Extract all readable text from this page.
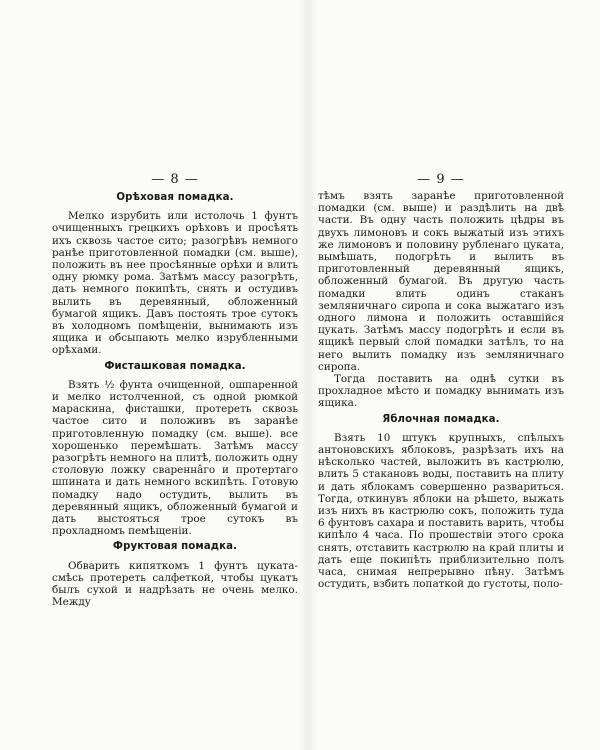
— 8 —
Орѣховая помадка.

Мелко изрубить или истолочь 1 фунтъ очищенныхъ грецкихъ орѣховъ и просѣять ихъ сквозь частое сито; разогрѣвъ немного ранѣе приготовленной помадки (см. выше), положить въ нее просѣянные орѣхи и влить одну рюмку рома. Затѣмъ массу разогрѣть, дать немного покипѣть, снять и остудивъ вылить въ деревянный, обложенный бумагой ящикъ. Давъ постоять трое сутокъ въ холодномъ помѣщеніи, вынимають изъ ящика и обсыпають мелко изрубленными орѣхами.

Фисташковая помадка.

Взять ½ фунта очищенной, ошпаренной и мелко истолченной, съ одной рюмкой мараскина, фисташки, протереть сквозь частое сито и положивъ въ заранѣе приготовленную помадку (см. выше). все хорошенько перемѣшать. Затѣмъ массу разогрѣть немного на плитѣ, положить одну столовую ложку сваренна̂го и протертаго шпината и дать немного вскипѣть. Готовую помадку надо остудить, вылить въ деревянный ящикъ, обложенный бумагой и дать выстояться трое сутокъ въ прохладномъ пемѣщеніи.

Фруктовая помадка.

Обварить кипяткомъ 1 фунтъ цуката-смѣсь протереть салфеткой, чтобы цукатъ былъ сухой и надрѣзать не очень мелко. Между

— 9 —

тѣмъ взять заранѣе приготовленной помадки (см. выше) и раздѣлить на двѣ части. Въ одну часть положить цѣдры въ двухъ лимоновъ и сокъ выжатый изъ этихъ же лимоновъ и половину рубленаго цуката, вымѣшать, подогрѣть и вылить въ приготовленный деревянный ящикъ, обложенный бумагой. Въ другую часть помадки влить одинъ стаканъ земляничнаго сиропа и сока выжатаго изъ одного лимона и положить оставшійся цукать. Затѣмъ массу подогрѣть и если въ ящикѣ первый слой помадки затѣлъ, то на него вылить помадку изъ земляничнаго сиропа.

Тогда поставить на однѣ сутки въ прохладное мѣсто и помадку вынимать изъ ящика.

Яблочная помадка.

Взять 10 штукъ крупныхъ, спѣлыхъ антоновскихъ яблоковъ, разрѣзать ихъ на нѣсколько частей, выложить въ кастрюлю, влить 5 стакановъ воды, поставить на плиту и дать яблокамъ совершенно развариться. Тогда, откинувъ яблоки на рѣшето, выжать изъ нихъ въ кастрюлю сокъ, положить туда 6 фунтовъ сахара и поставить варить, чтобы кипѣло 4 часа. По прошествіи этого срока снять, отставить кастрюлю на край плиты и дать еще покипѣть приблизительно полъ часа, снимая непрерывно пѣну. Затѣмъ остудить, взбить лопаткой до густоты, поло-
